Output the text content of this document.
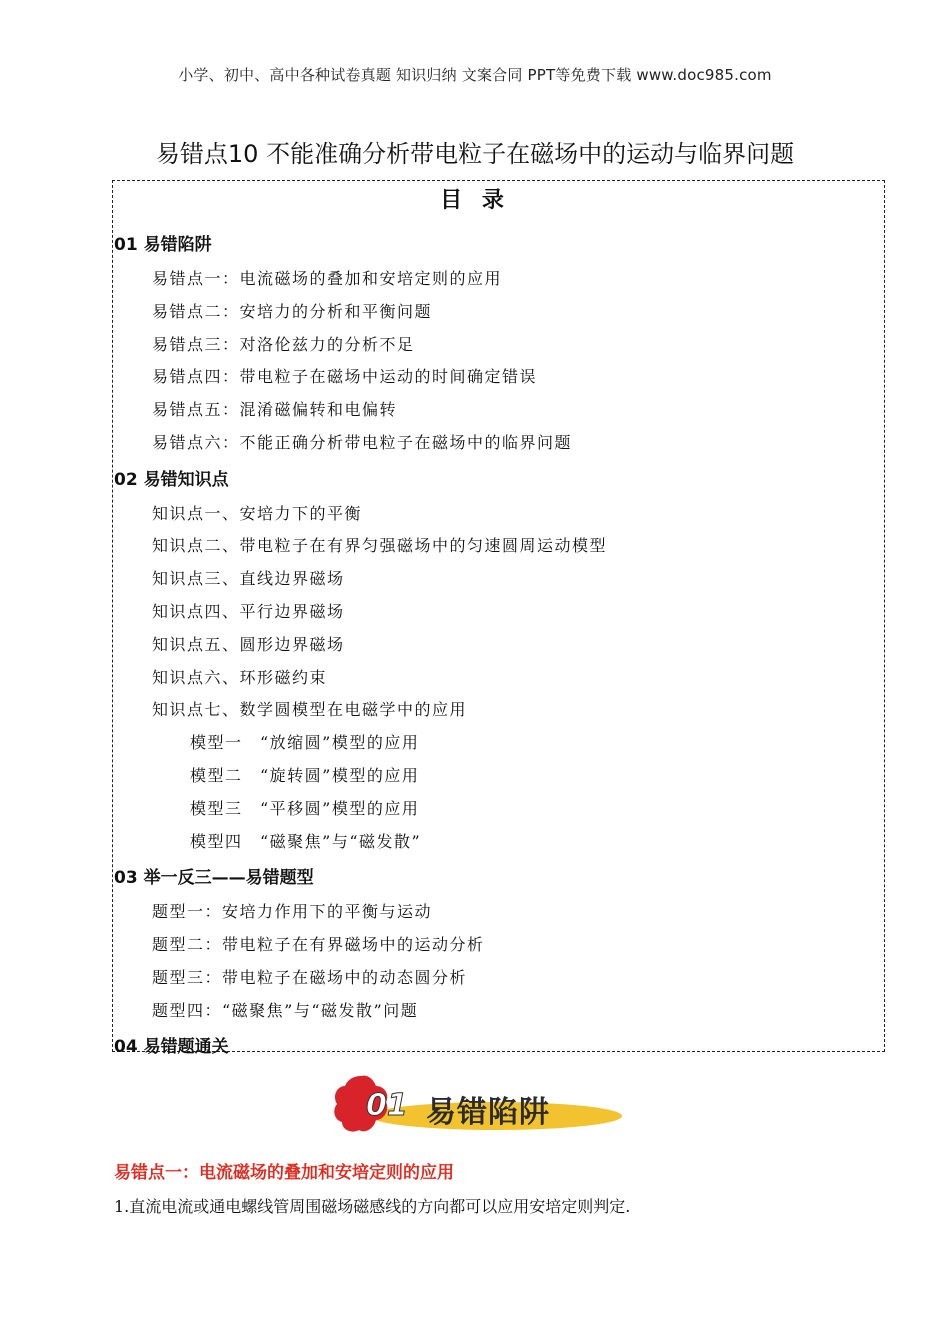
小学、初中、高中各种试卷真题 知识归纳 文案合同 PPT等免费下载 www.doc985.com
易错点10 不能准确分析带电粒子在磁场中的运动与临界问题
目 录
01 易错陷阱
易错点一：电流磁场的叠加和安培定则的应用
易错点二：安培力的分析和平衡问题
易错点三：对洛伦兹力的分析不足
易错点四：带电粒子在磁场中运动的时间确定错误
易错点五：混淆磁偏转和电偏转
易错点六：不能正确分析带电粒子在磁场中的临界问题
02 易错知识点
知识点一、安培力下的平衡
知识点二、带电粒子在有界匀强磁场中的匀速圆周运动模型
知识点三、直线边界磁场
知识点四、平行边界磁场
知识点五、圆形边界磁场
知识点六、环形磁约束
知识点七、数学圆模型在电磁学中的应用
模型一　“放缩圆”模型的应用
模型二　“旋转圆”模型的应用
模型三　“平移圆”模型的应用
模型四　“磁聚焦”与“磁发散”
03 举一反三——易错题型
题型一：安培力作用下的平衡与运动
题型二：带电粒子在有界磁场中的运动分析
题型三：带电粒子在磁场中的动态圆分析
题型四：“磁聚焦”与“磁发散”问题
04 易错题通关
01 易错陷阱
易错点一：电流磁场的叠加和安培定则的应用
1.直流电流或通电螺线管周围磁场磁感线的方向都可以应用安培定则判定.
